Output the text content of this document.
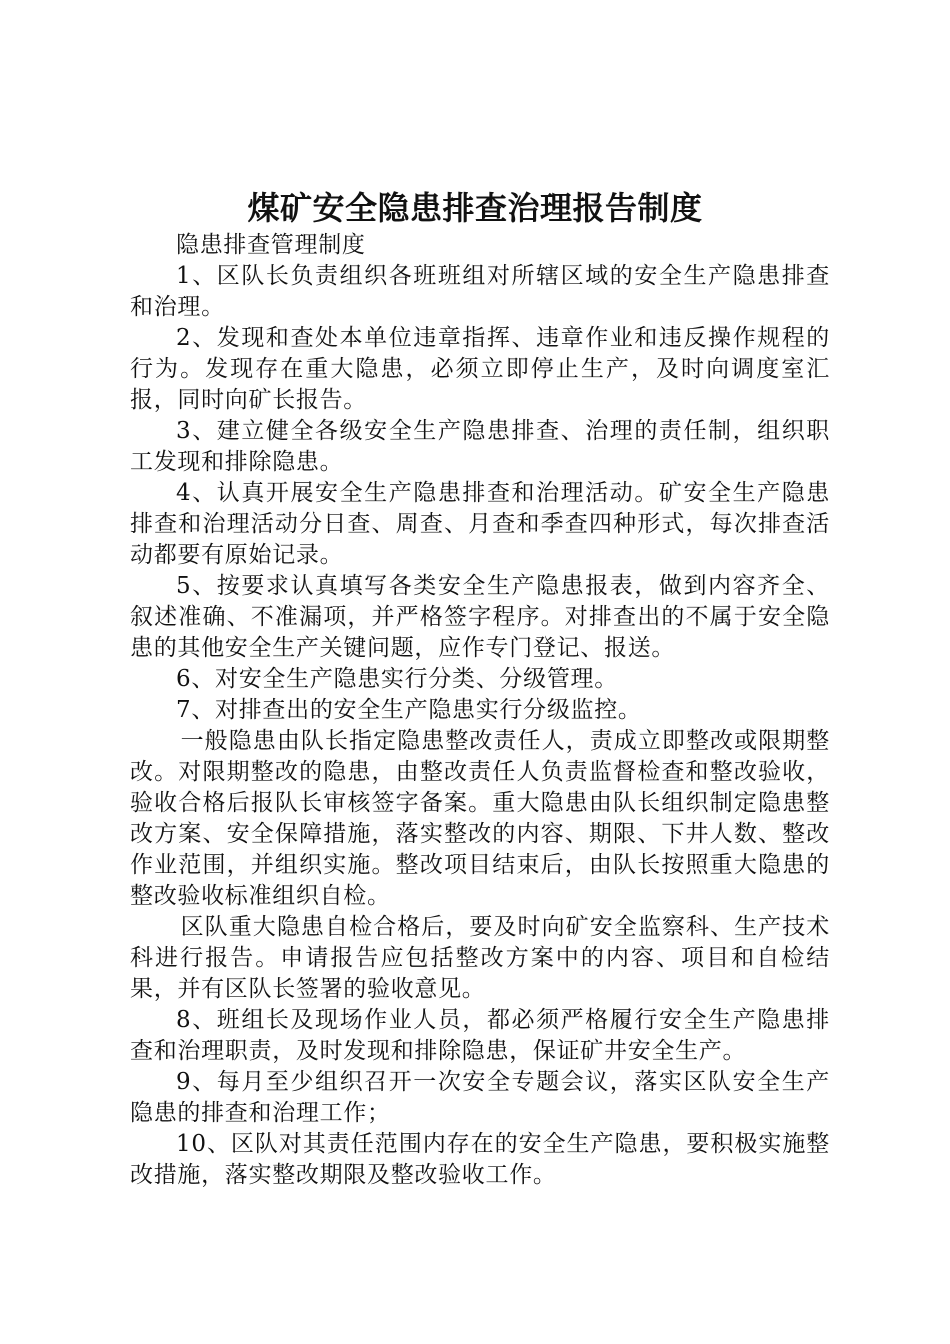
煤矿安全隐患排查治理报告制度

隐患排查管理制度

1、区队长负责组织各班班组对所辖区域的安全生产隐患排查和治理。

2、发现和查处本单位违章指挥、违章作业和违反操作规程的行为。发现存在重大隐患，必须立即停止生产，及时向调度室汇报，同时向矿长报告。

3、建立健全各级安全生产隐患排查、治理的责任制，组织职工发现和排除隐患。

4、认真开展安全生产隐患排查和治理活动。矿安全生产隐患排查和治理活动分日查、周查、月查和季查四种形式，每次排查活动都要有原始记录。

5、按要求认真填写各类安全生产隐患报表，做到内容齐全、叙述准确、不准漏项，并严格签字程序。对排查出的不属于安全隐患的其他安全生产关键问题，应作专门登记、报送。

6、对安全生产隐患实行分类、分级管理。

7、对排查出的安全生产隐患实行分级监控。

一般隐患由队长指定隐患整改责任人，责成立即整改或限期整改。对限期整改的隐患，由整改责任人负责监督检查和整改验收，验收合格后报队长审核签字备案。重大隐患由队长组织制定隐患整改方案、安全保障措施，落实整改的内容、期限、下井人数、整改作业范围，并组织实施。整改项目结束后，由队长按照重大隐患的整改验收标准组织自检。

区队重大隐患自检合格后，要及时向矿安全监察科、生产技术科进行报告。申请报告应包括整改方案中的内容、项目和自检结果，并有区队长签署的验收意见。

8、班组长及现场作业人员，都必须严格履行安全生产隐患排查和治理职责，及时发现和排除隐患，保证矿井安全生产。

9、每月至少组织召开一次安全专题会议，落实区队安全生产隐患的排查和治理工作；

10、区队对其责任范围内存在的安全生产隐患，要积极实施整改措施，落实整改期限及整改验收工作。
